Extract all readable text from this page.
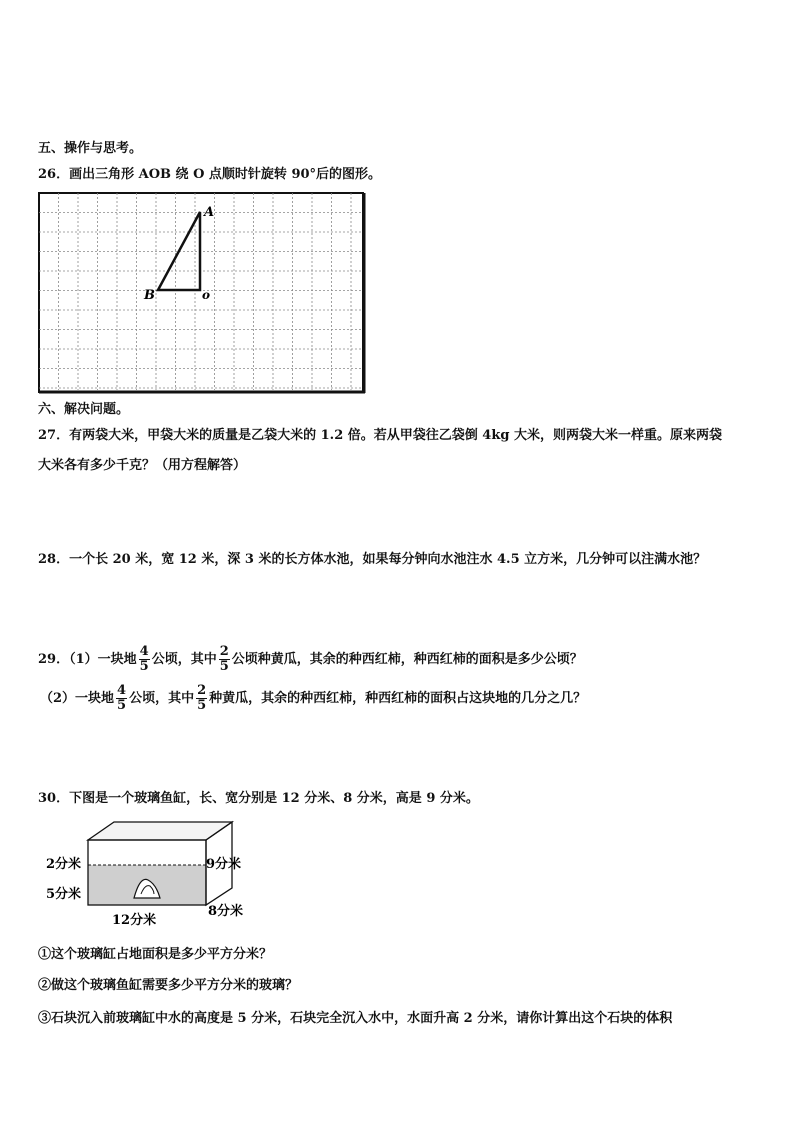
五、操作与思考。
26．画出三角形 AOB 绕 O 点顺时针旋转 90°后的图形。
A
B	o
六、解决问题。
27．有两袋大米，甲袋大米的质量是乙袋大米的 1.2 倍。若从甲袋往乙袋倒 4kg 大米，则两袋大米一样重。原来两袋
大米各有多少千克？（用方程解答）
28．一个长 20 米，宽 12 米，深 3 米的长方体水池，如果每分钟向水池注水 4.5 立方米，几分钟可以注满水池？
29．（1）一块地 $\frac{4}{5}$ 公顷，其中 $\frac{2}{5}$ 公顷种黄瓜，其余的种西红柿，种西红柿的面积是多少公顷？
（2）一块地 $\frac{4}{5}$ 公顷，其中 $\frac{2}{5}$ 种黄瓜，其余的种西红柿，种西红柿的面积占这块地的几分之几？
30．下图是一个玻璃鱼缸，长、宽分别是 12 分米、8 分米，高是 9 分米。
2分米
5分米
9分米
12分米
8分米
①这个玻璃缸占地面积是多少平方分米？
②做这个玻璃鱼缸需要多少平方分米的玻璃？
③石块沉入前玻璃缸中水的高度是 5 分米，石块完全沉入水中，水面升高 2 分米，请你计算出这个石块的体积
